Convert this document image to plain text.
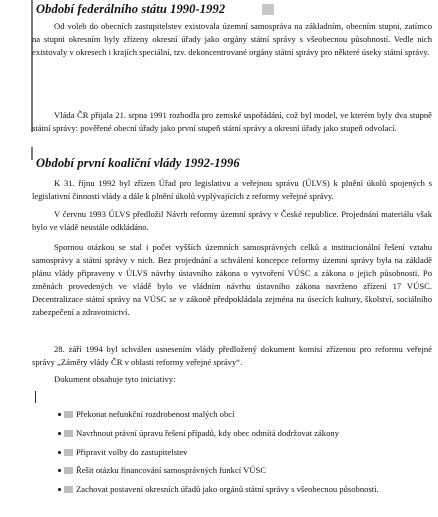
Období federálního státu 1990-1992

Od voleb do obecních zastupitelstev existovala územní samospráva na základním, obecním stupni, zatímco na stupni okresním byly zřízeny okresní úřady jako orgány státní správy s všeobecnou působností. Vedle nich existovaly v okresech i krajích speciální, tzv. dekoncentrované orgány státní správy pro některé úseky státní správy.

Vláda ČR přijala 21. srpna 1991 rozhodla pro zemské uspořádání, což byl model, ve kterém byly dva stupně státní správy: pověřené obecní úřady jako první stupeň státní správy a okresní úřady jako stupeň odvolací.

Období první koaliční vlády 1992-1996

K 31. říjnu 1992 byl zřízen Úřad pro legislativu a veřejnou správu (ÚLVS) k plnění úkolů spojených s legislativní činností vlády a dále k plnění úkolů vyplývajících z reformy veřejné správy.

V červnu 1993 ÚLVS předložil Návrh reformy územní správy v České republice. Projednání materiálu však bylo ve vládě neustále odkládáno.

Spornou otázkou se stal i počet vyšších územních samosprávných celků a institucionální řešení vztahu samosprávy a státní správy v nich. Bez projednání a schválení koncepce reformy územní správy byla na základě plánu vlády připraveny v ÚLVS návrhy ústavního zákona o vytvoření VÚSC a zákona o jejich působnosti. Po změnách provedených ve vládě bylo ve vládním návrhu ústavního zákona navrženo zřízení 17 VÚSC. Decentralizace státní správy na VÚSC se v zákoně předpokládala zejména na úsecích kultury, školství, sociálního zabezpečení a zdravotnictví.

28. září 1994 byl schválen usnesením vlády předložený dokument komisí zřízenou pro reformu veřejné správy „Záměry vlády ČR v oblasti reformy veřejné správy“.

Dokument obsahuje tyto iniciativy:

Překonat nefunkční rozdrobenost malých obcí
Navrhnout právní úpravu řešení případů, kdy obec odmítá dodržovat zákony
Připravit volby do zastupitelstev
Řešit otázku financování samosprávných funkcí VÚSC
Zachovat postavení okresních úřadů jako orgánů státní správy s všeobecnou působností.
